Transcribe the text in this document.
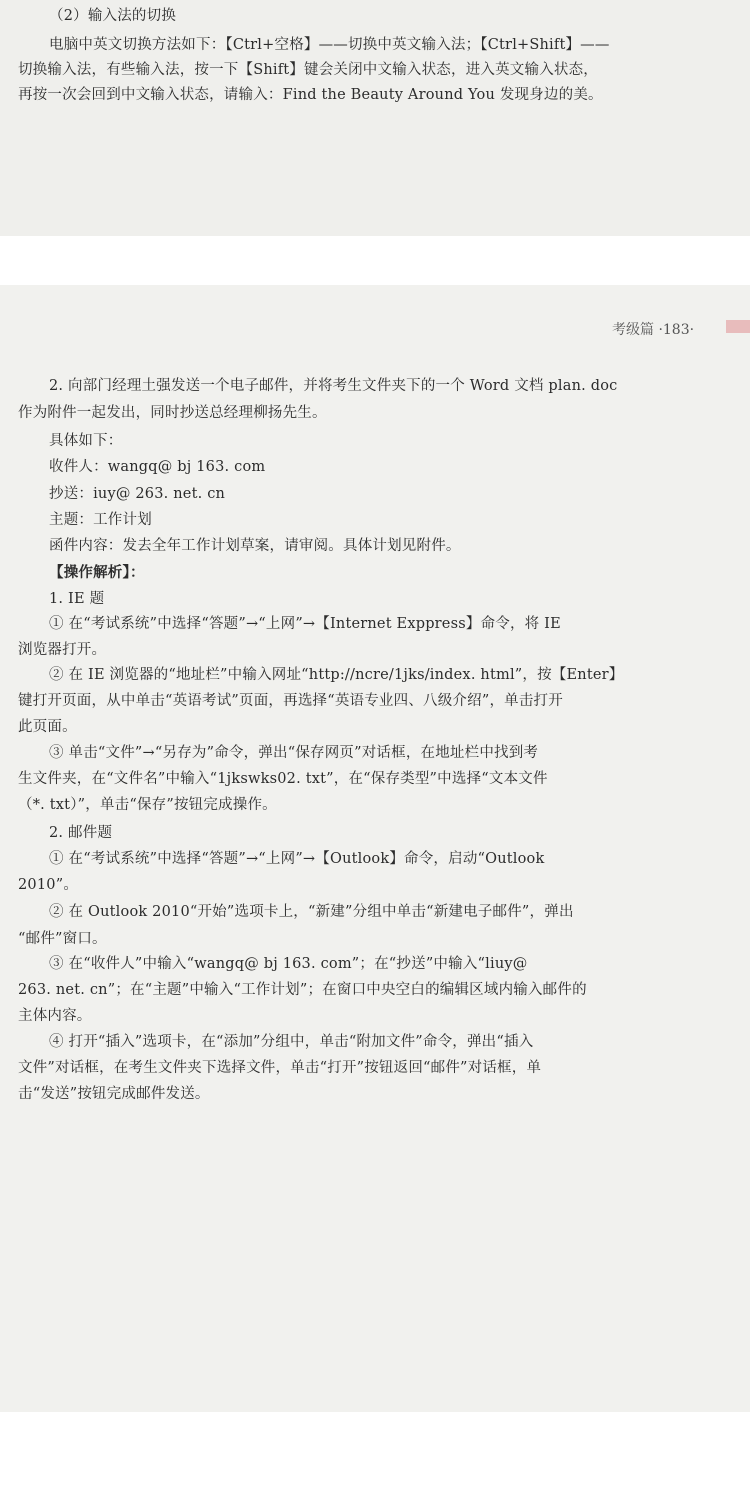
（2）输入法的切换
电脑中英文切换方法如下：【Ctrl+空格】——切换中英文输入法；【Ctrl+Shift】——
切换输入法，有些输入法，按一下【Shift】键会关闭中文输入状态，进入英文输入状态，
再按一次会回到中文输入状态，请输入：Find the Beauty Around You 发现身边的美。
考级篇 ·183·
2. 向部门经理土强发送一个电子邮件，并将考生文件夹下的一个 Word 文档 plan. doc
作为附件一起发出，同时抄送总经理柳扬先生。
具体如下：
收件人：wangq@ bj 163. com
抄送：iuy@ 263. net. cn
主题：工作计划
函件内容：发去全年工作计划草案，请审阅。具体计划见附件。
【操作解析】：
1. IE 题
① 在“考试系统”中选择“答题”→“上网”→【Internet Exppress】命令，将 IE
浏览器打开。
② 在 IE 浏览器的“地址栏”中输入网址“http://ncre/1jks/index. html”，按【Enter】
键打开页面，从中单击“英语考试”页面，再选择“英语专业四、八级介绍”，单击打开
此页面。
③ 单击“文件”→“另存为”命令，弹出“保存网页”对话框，在地址栏中找到考
生文件夹，在“文件名”中输入“1jkswks02. txt”，在“保存类型”中选择“文本文件
（*. txt）”，单击“保存”按钮完成操作。
2. 邮件题
① 在“考试系统”中选择“答题”→“上网”→【Outlook】命令，启动“Outlook
2010”。
② 在 Outlook 2010“开始”选项卡上，“新建”分组中单击“新建电子邮件”，弹出
“邮件”窗口。
③ 在“收件人”中输入“wangq@ bj 163. com”；在“抄送”中输入“liuy@
263. net. cn”；在“主题”中输入“工作计划”；在窗口中央空白的编辑区域内输入邮件的
主体内容。
④ 打开“插入”选项卡，在“添加”分组中，单击“附加文件”命令，弹出“插入
文件”对话框，在考生文件夹下选择文件，单击“打开”按钮返回“邮件”对话框，单
击“发送”按钮完成邮件发送。
